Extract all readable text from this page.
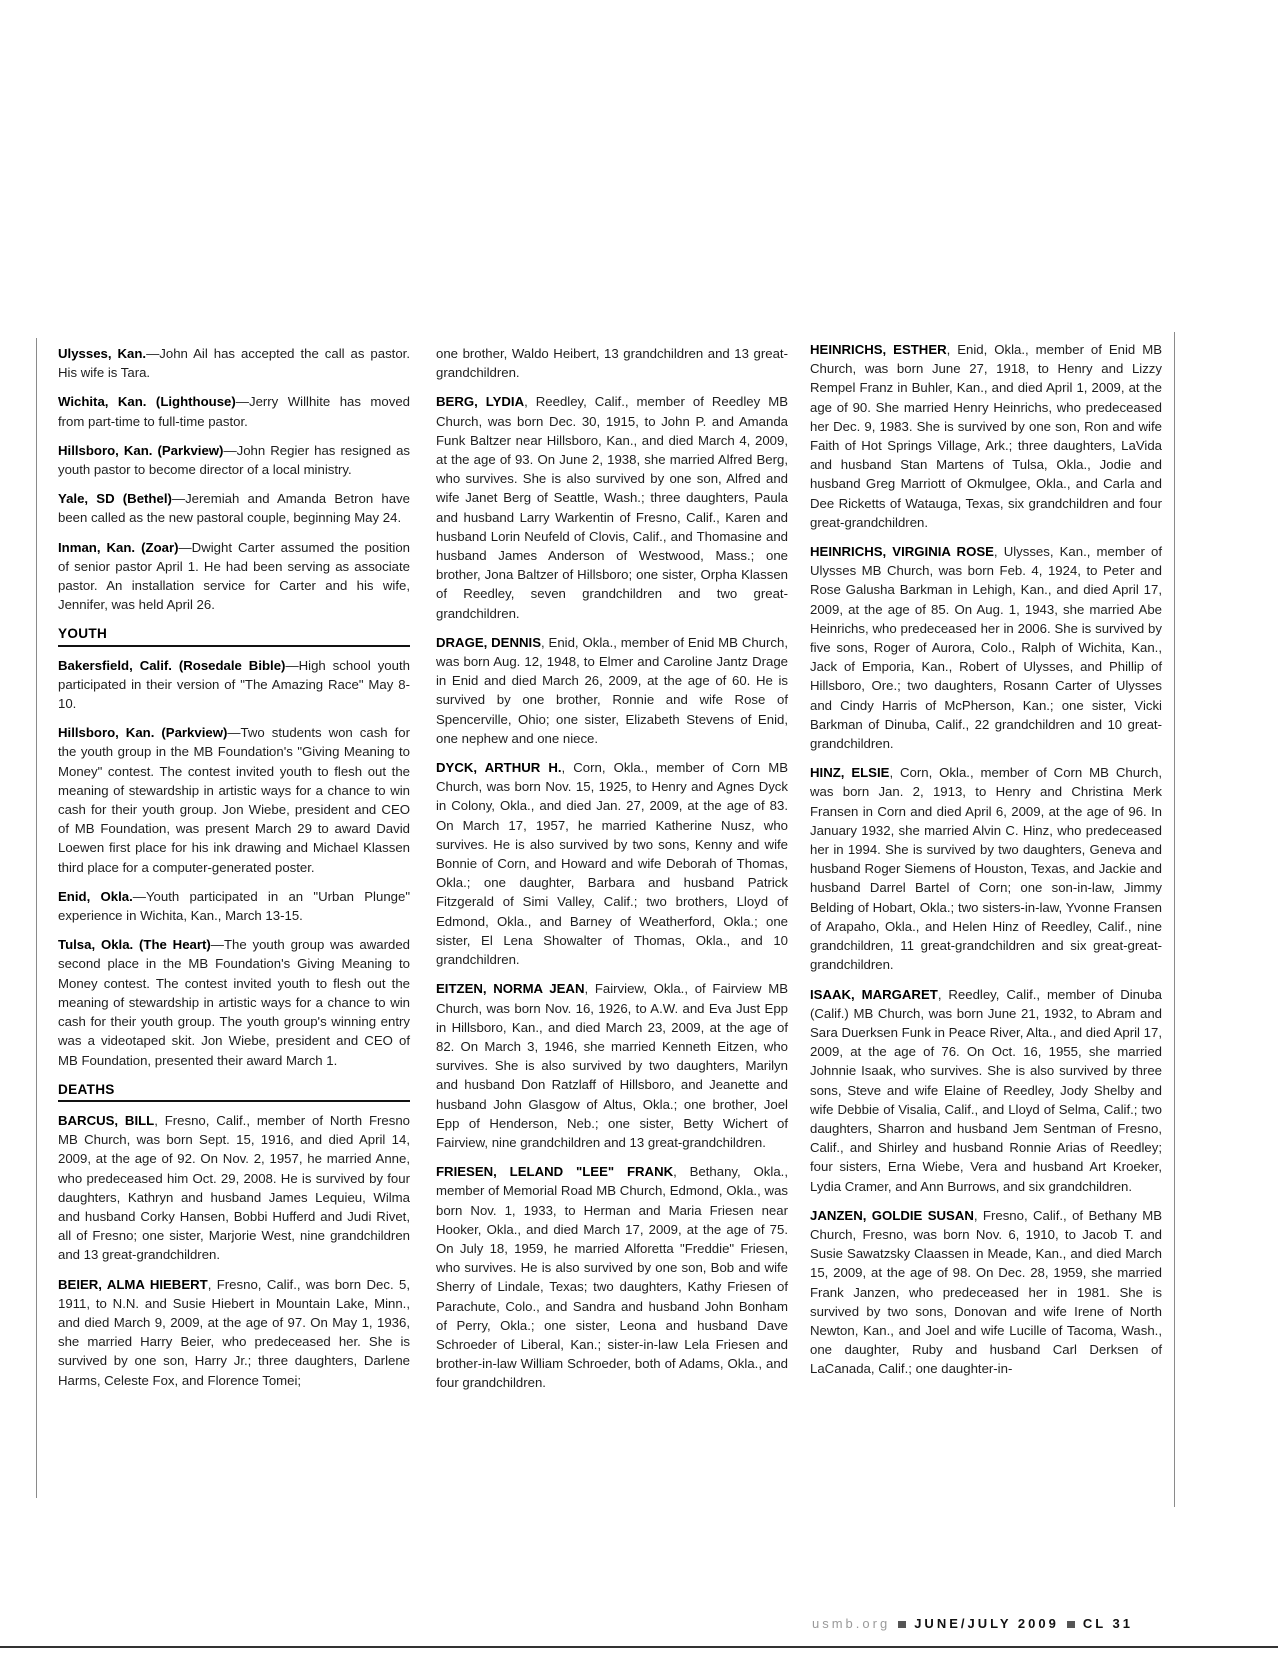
Ulysses, Kan.—John Ail has accepted the call as pastor. His wife is Tara.

Wichita, Kan. (Lighthouse)—Jerry Willhite has moved from part-time to full-time pastor.

Hillsboro, Kan. (Parkview)—John Regier has resigned as youth pastor to become director of a local ministry.

Yale, SD (Bethel)—Jeremiah and Amanda Betron have been called as the new pastoral couple, beginning May 24.

Inman, Kan. (Zoar)—Dwight Carter assumed the position of senior pastor April 1. He had been serving as associate pastor. An installation service for Carter and his wife, Jennifer, was held April 26.

YOUTH

Bakersfield, Calif. (Rosedale Bible)—High school youth participated in their version of "The Amazing Race" May 8-10.

Hillsboro, Kan. (Parkview)—Two students won cash for the youth group in the MB Foundation's "Giving Meaning to Money" contest. The contest invited youth to flesh out the meaning of stewardship in artistic ways for a chance to win cash for their youth group. Jon Wiebe, president and CEO of MB Foundation, was present March 29 to award David Loewen first place for his ink drawing and Michael Klassen third place for a computer-generated poster.

Enid, Okla.—Youth participated in an "Urban Plunge" experience in Wichita, Kan., March 13-15.

Tulsa, Okla. (The Heart)—The youth group was awarded second place in the MB Foundation's Giving Meaning to Money contest. The contest invited youth to flesh out the meaning of stewardship in artistic ways for a chance to win cash for their youth group. The youth group's winning entry was a videotaped skit. Jon Wiebe, president and CEO of MB Foundation, presented their award March 1.

DEATHS

BARCUS, BILL, Fresno, Calif., member of North Fresno MB Church, was born Sept. 15, 1916, and died April 14, 2009, at the age of 92. On Nov. 2, 1957, he married Anne, who predeceased him Oct. 29, 2008. He is survived by four daughters, Kathryn and husband James Lequieu, Wilma and husband Corky Hansen, Bobbi Hufferd and Judi Rivet, all of Fresno; one sister, Marjorie West, nine grandchildren and 13 great-grandchildren.

BEIER, ALMA HIEBERT, Fresno, Calif., was born Dec. 5, 1911, to N.N. and Susie Hiebert in Mountain Lake, Minn., and died March 9, 2009, at the age of 97. On May 1, 1936, she married Harry Beier, who predeceased her. She is survived by one son, Harry Jr.; three daughters, Darlene Harms, Celeste Fox, and Florence Tomei;

one brother, Waldo Heibert, 13 grandchildren and 13 great-grandchildren.

BERG, LYDIA, Reedley, Calif., member of Reedley MB Church, was born Dec. 30, 1915, to John P. and Amanda Funk Baltzer near Hillsboro, Kan., and died March 4, 2009, at the age of 93. On June 2, 1938, she married Alfred Berg, who survives. She is also survived by one son, Alfred and wife Janet Berg of Seattle, Wash.; three daughters, Paula and husband Larry Warkentin of Fresno, Calif., Karen and husband Lorin Neufeld of Clovis, Calif., and Thomasine and husband James Anderson of Westwood, Mass.; one brother, Jona Baltzer of Hillsboro; one sister, Orpha Klassen of Reedley, seven grandchildren and two great-grandchildren.

DRAGE, DENNIS, Enid, Okla., member of Enid MB Church, was born Aug. 12, 1948, to Elmer and Caroline Jantz Drage in Enid and died March 26, 2009, at the age of 60. He is survived by one brother, Ronnie and wife Rose of Spencerville, Ohio; one sister, Elizabeth Stevens of Enid, one nephew and one niece.

DYCK, ARTHUR H., Corn, Okla., member of Corn MB Church, was born Nov. 15, 1925, to Henry and Agnes Dyck in Colony, Okla., and died Jan. 27, 2009, at the age of 83. On March 17, 1957, he married Katherine Nusz, who survives. He is also survived by two sons, Kenny and wife Bonnie of Corn, and Howard and wife Deborah of Thomas, Okla.; one daughter, Barbara and husband Patrick Fitzgerald of Simi Valley, Calif.; two brothers, Lloyd of Edmond, Okla., and Barney of Weatherford, Okla.; one sister, El Lena Showalter of Thomas, Okla., and 10 grandchildren.

EITZEN, NORMA JEAN, Fairview, Okla., of Fairview MB Church, was born Nov. 16, 1926, to A.W. and Eva Just Epp in Hillsboro, Kan., and died March 23, 2009, at the age of 82. On March 3, 1946, she married Kenneth Eitzen, who survives. She is also survived by two daughters, Marilyn and husband Don Ratzlaff of Hillsboro, and Jeanette and husband John Glasgow of Altus, Okla.; one brother, Joel Epp of Henderson, Neb.; one sister, Betty Wichert of Fairview, nine grandchildren and 13 great-grandchildren.

FRIESEN, LELAND "LEE" FRANK, Bethany, Okla., member of Memorial Road MB Church, Edmond, Okla., was born Nov. 1, 1933, to Herman and Maria Friesen near Hooker, Okla., and died March 17, 2009, at the age of 75. On July 18, 1959, he married Alforetta "Freddie" Friesen, who survives. He is also survived by one son, Bob and wife Sherry of Lindale, Texas; two daughters, Kathy Friesen of Parachute, Colo., and Sandra and husband John Bonham of Perry, Okla.; one sister, Leona and husband Dave Schroeder of Liberal, Kan.; sister-in-law Lela Friesen and brother-in-law William Schroeder, both of Adams, Okla., and four grandchildren.

HEINRICHS, ESTHER, Enid, Okla., member of Enid MB Church, was born June 27, 1918, to Henry and Lizzy Rempel Franz in Buhler, Kan., and died April 1, 2009, at the age of 90. She married Henry Heinrichs, who predeceased her Dec. 9, 1983. She is survived by one son, Ron and wife Faith of Hot Springs Village, Ark.; three daughters, LaVida and husband Stan Martens of Tulsa, Okla., Jodie and husband Greg Marriott of Okmulgee, Okla., and Carla and Dee Ricketts of Watauga, Texas, six grandchildren and four great-grandchildren.

HEINRICHS, VIRGINIA ROSE, Ulysses, Kan., member of Ulysses MB Church, was born Feb. 4, 1924, to Peter and Rose Galusha Barkman in Lehigh, Kan., and died April 17, 2009, at the age of 85. On Aug. 1, 1943, she married Abe Heinrichs, who predeceased her in 2006. She is survived by five sons, Roger of Aurora, Colo., Ralph of Wichita, Kan., Jack of Emporia, Kan., Robert of Ulysses, and Phillip of Hillsboro, Ore.; two daughters, Rosann Carter of Ulysses and Cindy Harris of McPherson, Kan.; one sister, Vicki Barkman of Dinuba, Calif., 22 grandchildren and 10 great-grandchildren.

HINZ, ELSIE, Corn, Okla., member of Corn MB Church, was born Jan. 2, 1913, to Henry and Christina Merk Fransen in Corn and died April 6, 2009, at the age of 96. In January 1932, she married Alvin C. Hinz, who predeceased her in 1994. She is survived by two daughters, Geneva and husband Roger Siemens of Houston, Texas, and Jackie and husband Darrel Bartel of Corn; one son-in-law, Jimmy Belding of Hobart, Okla.; two sisters-in-law, Yvonne Fransen of Arapaho, Okla., and Helen Hinz of Reedley, Calif., nine grandchildren, 11 great-grandchildren and six great-great-grandchildren.

ISAAK, MARGARET, Reedley, Calif., member of Dinuba (Calif.) MB Church, was born June 21, 1932, to Abram and Sara Duerksen Funk in Peace River, Alta., and died April 17, 2009, at the age of 76. On Oct. 16, 1955, she married Johnnie Isaak, who survives. She is also survived by three sons, Steve and wife Elaine of Reedley, Jody Shelby and wife Debbie of Visalia, Calif., and Lloyd of Selma, Calif.; two daughters, Sharron and husband Jem Sentman of Fresno, Calif., and Shirley and husband Ronnie Arias of Reedley; four sisters, Erna Wiebe, Vera and husband Art Kroeker, Lydia Cramer, and Ann Burrows, and six grandchildren.

JANZEN, GOLDIE SUSAN, Fresno, Calif., of Bethany MB Church, Fresno, was born Nov. 6, 1910, to Jacob T. and Susie Sawatzsky Claassen in Meade, Kan., and died March 15, 2009, at the age of 98. On Dec. 28, 1959, she married Frank Janzen, who predeceased her in 1981. She is survived by two sons, Donovan and wife Irene of North Newton, Kan., and Joel and wife Lucille of Tacoma, Wash., one daughter, Ruby and husband Carl Derksen of LaCanada, Calif.; one daughter-in-

usmb.org JUNE/JULY 2009 CL 31
